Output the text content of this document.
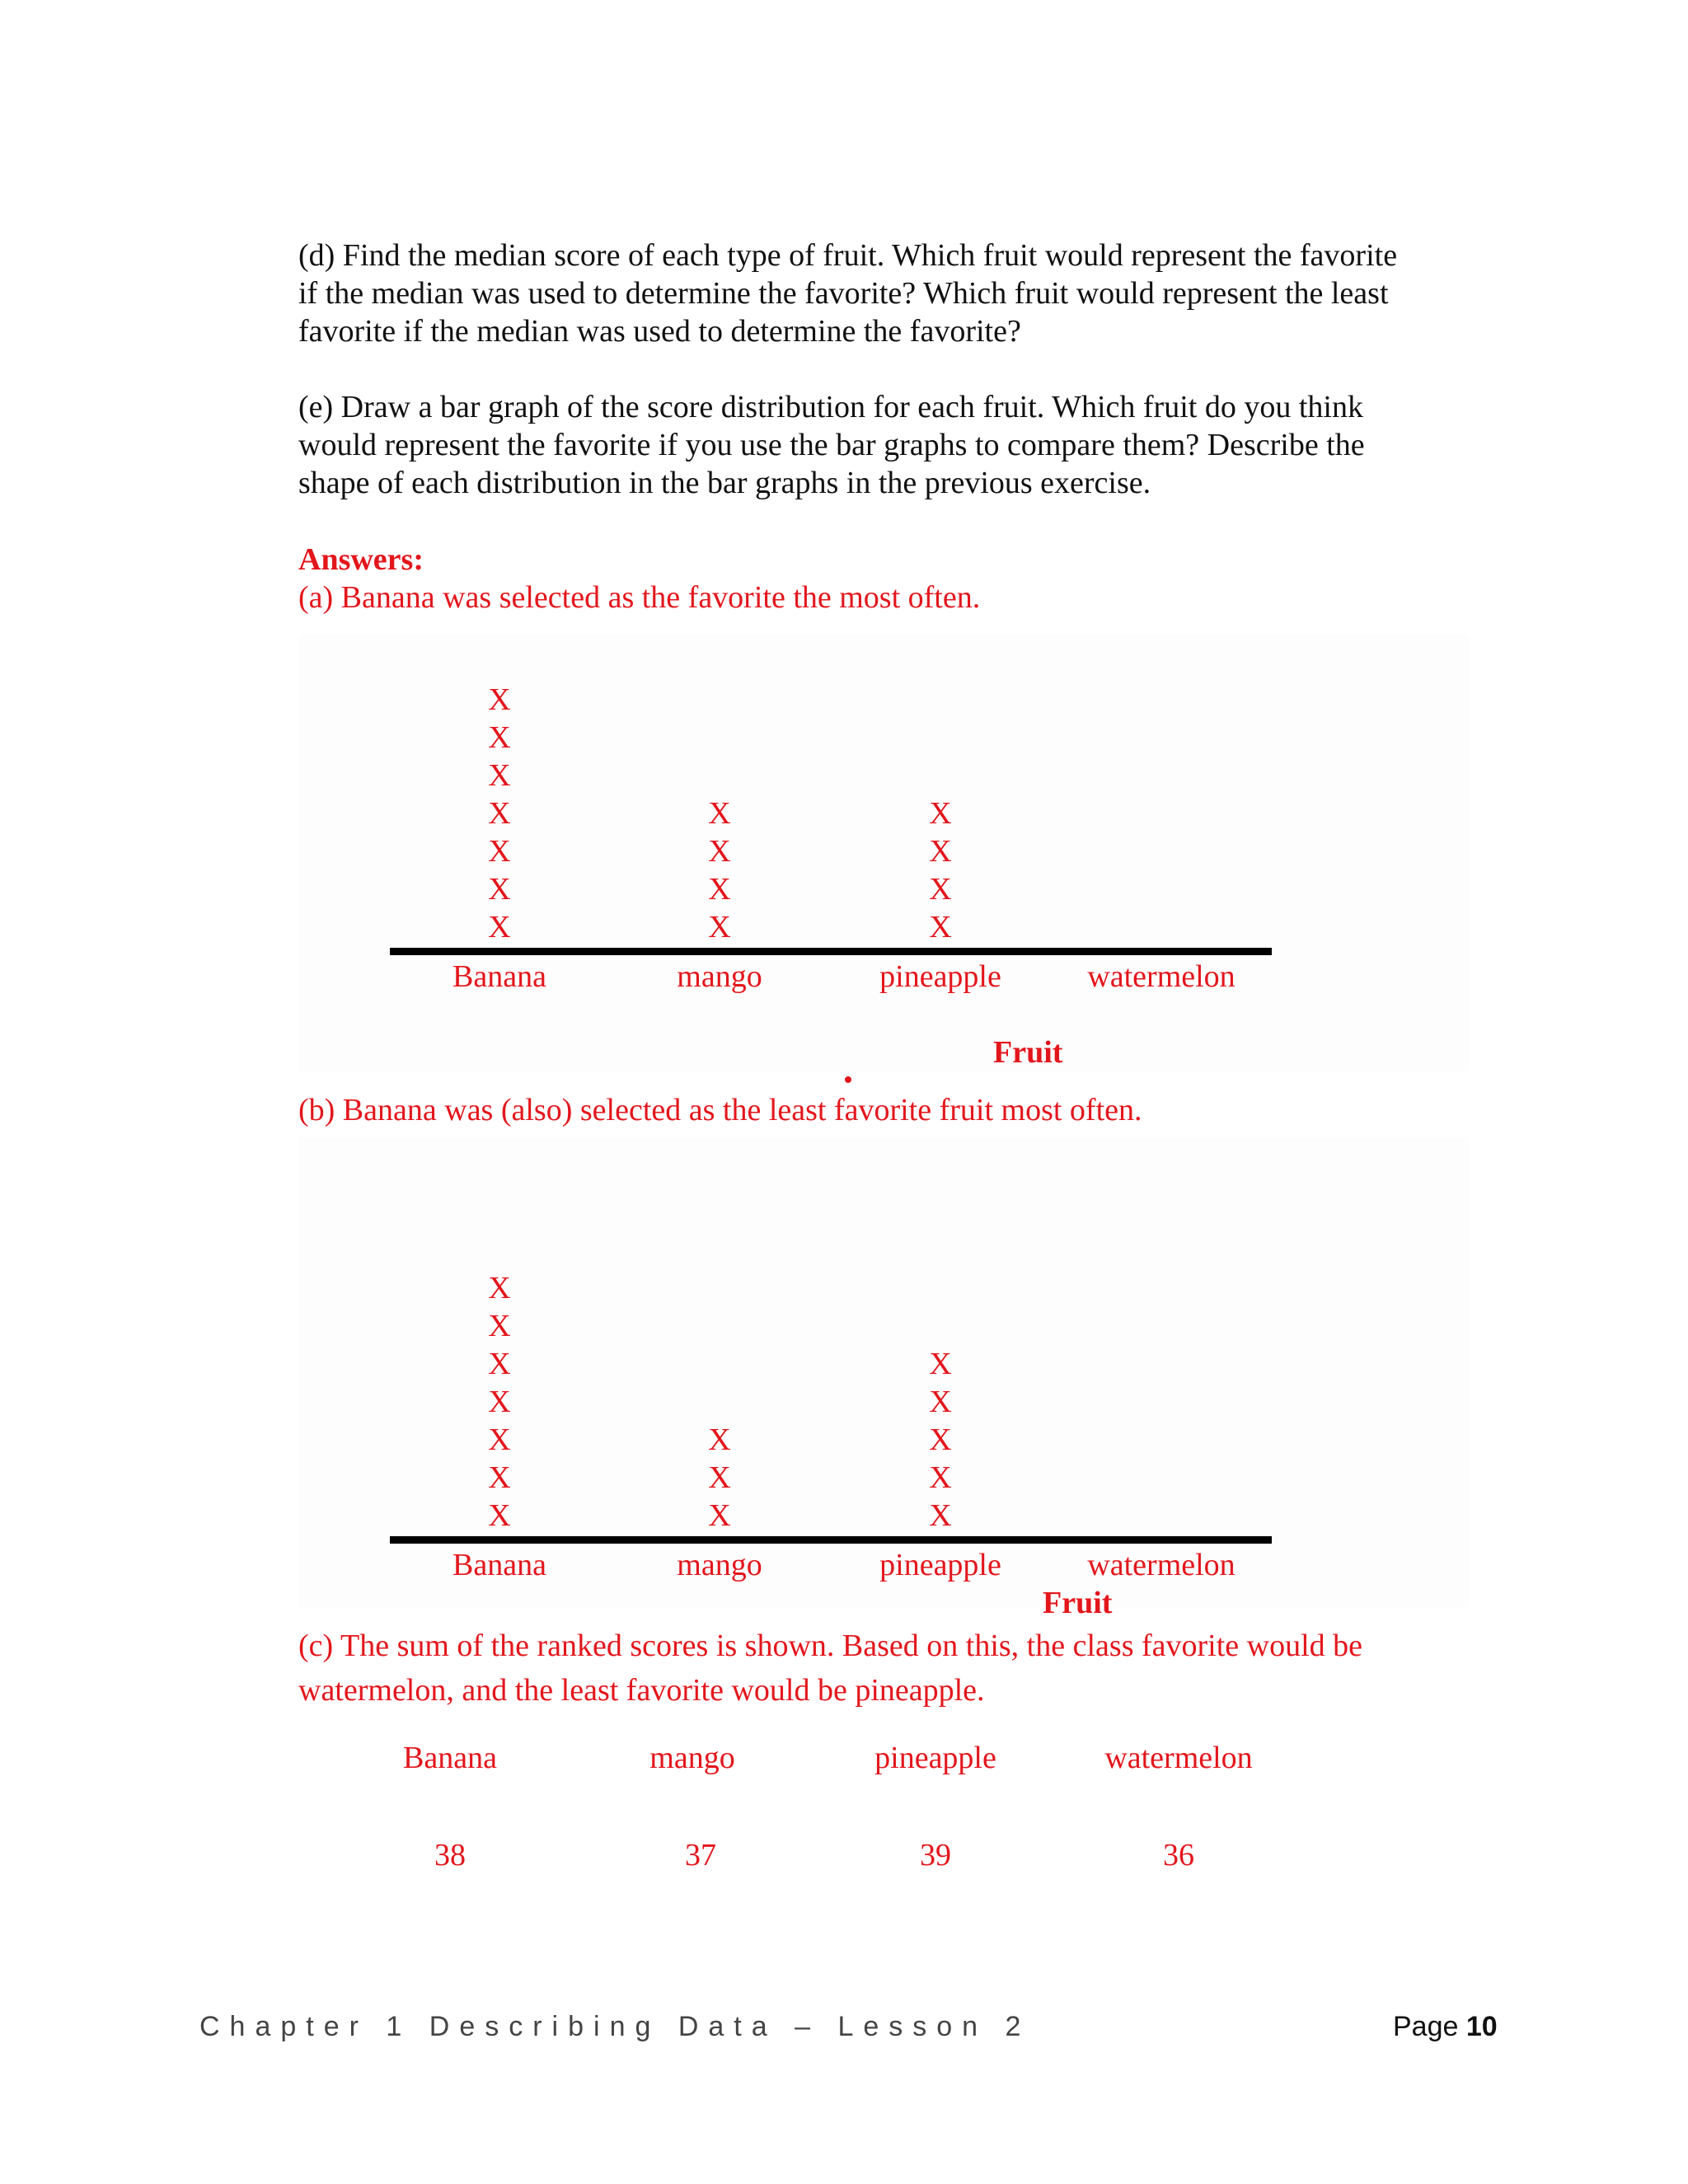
(d) Find the median score of each type of fruit. Which fruit would represent the favorite
if the median was used to determine the favorite? Which fruit would represent the least
favorite if the median was used to determine the favorite?
(e) Draw a bar graph of the score distribution for each fruit. Which fruit do you think
would represent the favorite if you use the bar graphs to compare them? Describe the
shape of each distribution in the bar graphs in the previous exercise.
Answers:
(a) Banana was selected as the favorite the most often.
X
X
X
X
X
X
X
Banana
X
X
X
X
mango
X
X
X
X
pineapple	watermelon
Fruit
(b) Banana was (also) selected as the least favorite fruit most often.
X
X
X
X
X
X
X
Banana
X
X
X
mango
X
X
X
X
X
pineapple	watermelon
Fruit
(c) The sum of the ranked scores is shown. Based on this, the class favorite would be
watermelon, and the least favorite would be pineapple.
Banana	mango	pineapple	watermelon
38	37	39	36
Chapter 1 Describing Data – Lesson 2	Page 10
